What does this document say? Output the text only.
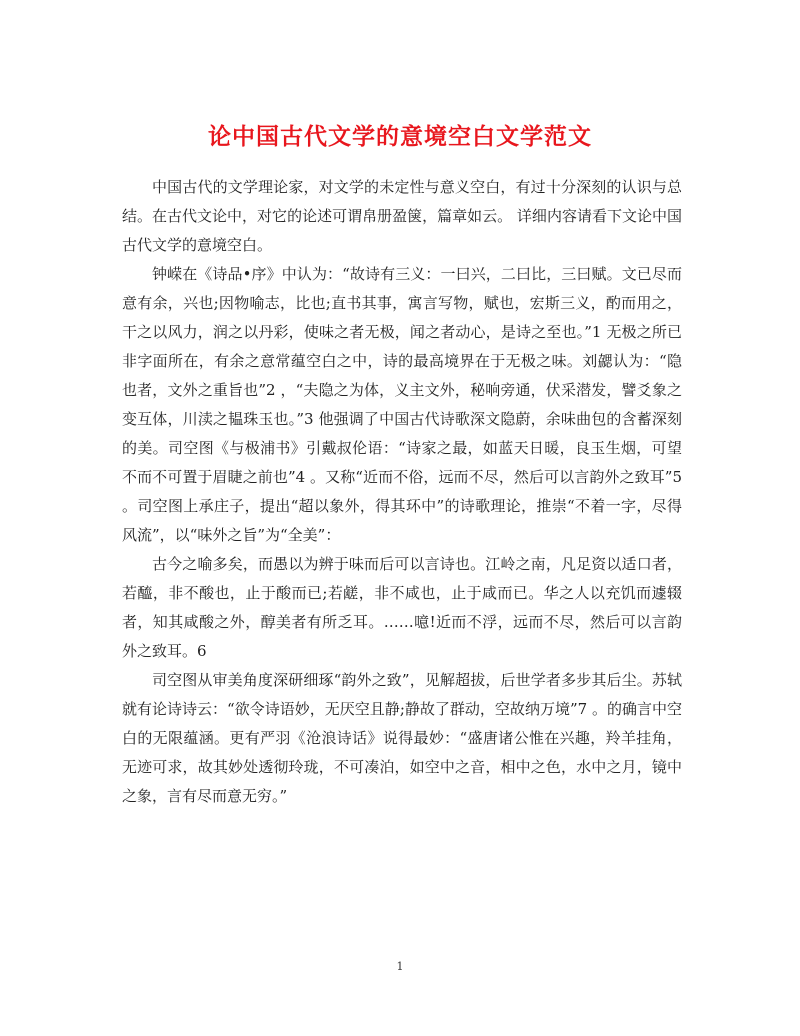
论中国古代文学的意境空白文学范文

中国古代的文学理论家，对文学的未定性与意义空白，有过十分深刻的认识与总结。在古代文论中，对它的论述可谓帛册盈箧，篇章如云。 详细内容请看下文论中国古代文学的意境空白。

钟嵘在《诗品•序》中认为：“故诗有三义：一曰兴，二曰比，三曰赋。文已尽而意有余，兴也;因物喻志，比也;直书其事，寓言写物，赋也，宏斯三义，酌而用之，干之以风力，润之以丹彩，使味之者无极，闻之者动心，是诗之至也。”1 无极之所已非字面所在，有余之意常蕴空白之中，诗的最高境界在于无极之味。刘勰认为：“隐也者，文外之重旨也”2 ，“夫隐之为体，义主文外，秘响旁通，伏采潜发，譬爻象之变互体，川渎之韫珠玉也。”3 他强调了中国古代诗歌深文隐蔚，余味曲包的含蓄深刻的美。司空图《与极浦书》引戴叔伦语：“诗家之最，如蓝天日暖，良玉生烟，可望不而不可置于眉睫之前也”4 。又称“近而不俗，远而不尽，然后可以言韵外之致耳”5 。司空图上承庄子，提出“超以象外，得其环中”的诗歌理论，推崇“不着一字，尽得风流”，以“味外之旨”为“全美”：

古今之喻多矣，而愚以为辨于味而后可以言诗也。江岭之南，凡足资以适口者，若醯，非不酸也，止于酸而已;若鹾，非不咸也，止于咸而已。华之人以充饥而遽辍者，知其咸酸之外，醇美者有所乏耳。……噫!近而不浮，远而不尽，然后可以言韵外之致耳。6

司空图从审美角度深研细琢“韵外之致”，见解超拔，后世学者多步其后尘。苏轼就有论诗诗云：“欲令诗语妙，无厌空且静;静故了群动，空故纳万境”7 。的确言中空白的无限蕴涵。更有严羽《沧浪诗话》说得最妙：“盛唐诸公惟在兴趣，羚羊挂角，无迹可求，故其妙处透彻玲珑，不可凑泊，如空中之音，相中之色，水中之月，镜中之象，言有尽而意无穷。”

1
